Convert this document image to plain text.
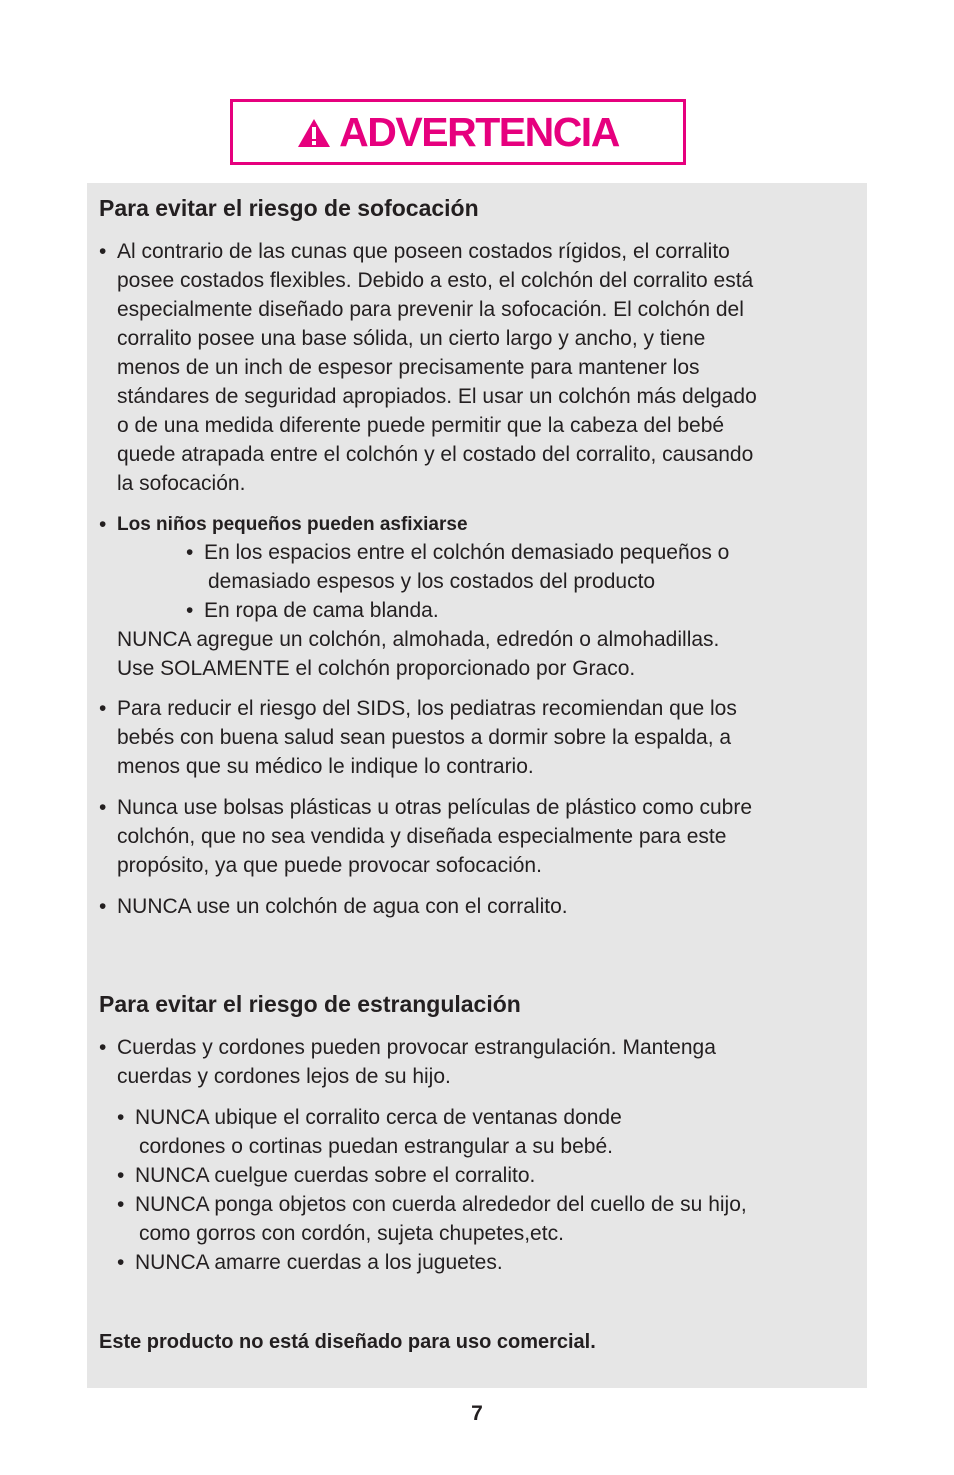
ADVERTENCIA

Para evitar el riesgo de sofocación

• Al contrario de las cunas que poseen costados rígidos, el corralito
posee costados flexibles. Debido a esto, el colchón del corralito está
especialmente diseñado para prevenir la sofocación. El colchón del
corralito posee una base sólida, un cierto largo y ancho, y tiene
menos de un inch de espesor precisamente para mantener los
stándares de seguridad apropiados. El usar un colchón más delgado
o de una medida diferente puede permitir que la cabeza del bebé
quede atrapada entre el colchón y el costado del corralito, causando
la sofocación.
• Los niños pequeños pueden asfixiarse
• En los espacios entre el colchón demasiado pequeños o
demasiado espesos y los costados del producto
• En ropa de cama blanda.
NUNCA agregue un colchón, almohada, edredón o almohadillas.
Use SOLAMENTE el colchón proporcionado por Graco.
• Para reducir el riesgo del SIDS, los pediatras recomiendan que los
bebés con buena salud sean puestos a dormir sobre la espalda, a
menos que su médico le indique lo contrario.
• Nunca use bolsas plásticas u otras películas de plástico como cubre
colchón, que no sea vendida y diseñada especialmente para este
propósito, ya que puede provocar sofocación.
• NUNCA use un colchón de agua con el corralito.

Para evitar el riesgo de estrangulación

• Cuerdas y cordones pueden provocar estrangulación. Mantenga
cuerdas y cordones lejos de su hijo.
• NUNCA ubique el corralito cerca de ventanas donde
cordones o cortinas puedan estrangular a su bebé.
• NUNCA cuelgue cuerdas sobre el corralito.
• NUNCA ponga objetos con cuerda alrededor del cuello de su hijo,
como gorros con cordón, sujeta chupetes,etc.
• NUNCA amarre cuerdas a los juguetes.
Este producto no está diseñado para uso comercial.
7
